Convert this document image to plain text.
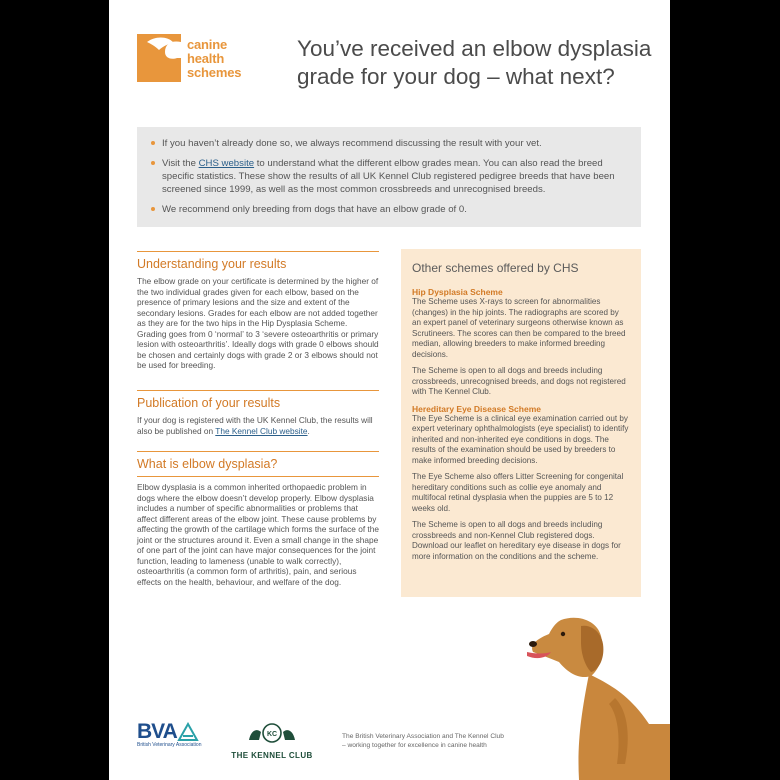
canine
health
schemes
You’ve received an elbow dysplasia grade for your dog – what next?
If you haven’t already done so, we always recommend discussing the result with your vet.
Visit the CHS website to understand what the different elbow grades mean. You can also read the breed specific statistics. These show the results of all UK Kennel Club registered pedigree breeds that have been screened since 1999, as well as the most common crossbreeds and unrecognised breeds.
We recommend only breeding from dogs that have an elbow grade of 0.
Understanding your results

The elbow grade on your certificate is determined by the higher of the two individual grades given for each elbow, based on the presence of primary lesions and the size and extent of the secondary lesions. Grades for each elbow are not added together as they are for the two hips in the Hip Dysplasia Scheme. Grading goes from 0 ‘normal’ to 3 ‘severe osteoarthritis or primary lesion with osteoarthritis’. Ideally dogs with grade 0 elbows should be chosen and certainly dogs with grade 2 or 3 elbows should not be used for breeding.

Publication of your results

If your dog is registered with the UK Kennel Club, the results will also be published on The Kennel Club website.

What is elbow dysplasia?

Elbow dysplasia is a common inherited orthopaedic problem in dogs where the elbow doesn’t develop properly. Elbow dysplasia includes a number of specific abnormalities or problems that affect different areas of the elbow joint. These cause problems by affecting the growth of the cartilage which forms the surface of the joint or the structures around it. Even a small change in the shape of one part of the joint can have major consequences for the joint function, leading to lameness (unable to walk correctly), osteoarthritis (a common form of arthritis), pain, and serious effects on the health, behaviour, and welfare of the dog.

Other schemes offered by CHS
Hip Dysplasia Scheme

The Scheme uses X-rays to screen for abnormalities (changes) in the hip joints. The radiographs are scored by an expert panel of veterinary surgeons otherwise known as Scrutineers. The scores can then be compared to the breed median, allowing breeders to make informed breeding decisions.

The Scheme is open to all dogs and breeds including crossbreeds, unrecognised breeds, and dogs not registered with The Kennel Club.

Hereditary Eye Disease Scheme

The Eye Scheme is a clinical eye examination carried out by expert veterinary ophthalmologists (eye specialist) to identify inherited and non-inherited eye conditions in dogs. The results of the examination should be used by breeders to make informed breeding decisions.

The Eye Scheme also offers Litter Screening for congenital hereditary conditions such as collie eye anomaly and multifocal retinal dysplasia when the puppies are 5 to 12 weeks old.

The Scheme is open to all dogs and breeds including crossbreeds and non-Kennel Club registered dogs. Download our leaflet on hereditary eye disease in dogs for more information on the conditions and the scheme.

BVA
British Veterinary Association
KC
THE KENNEL CLUB
The British Veterinary Association and The Kennel Club
– working together for excellence in canine health
